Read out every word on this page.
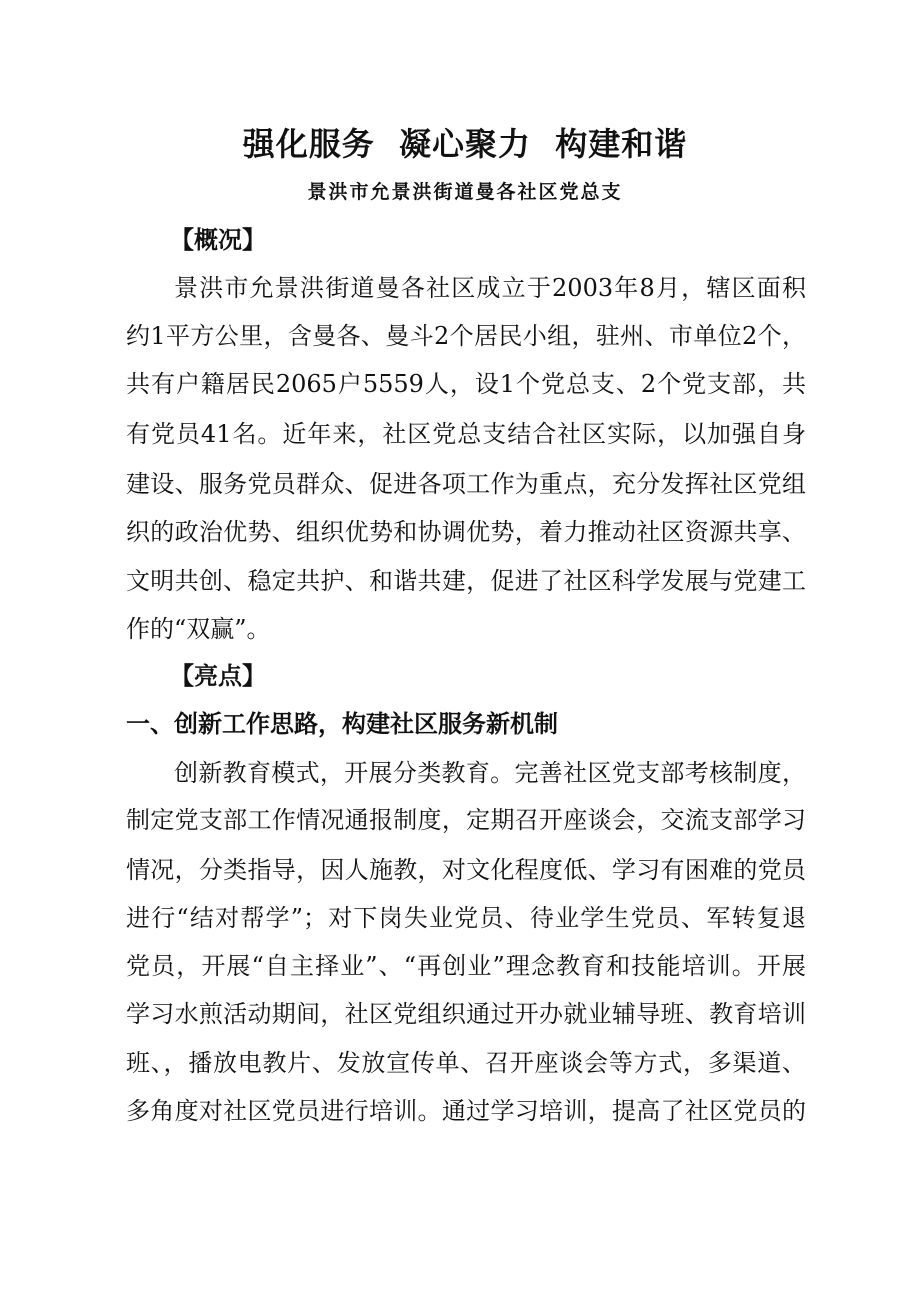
强化服务  凝心聚力  构建和谐
景洪市允景洪街道曼各社区党总支
【概况】
景洪市允景洪街道曼各社区成立于2003年8月，辖区面积
约1平方公里，含曼各、曼斗2个居民小组，驻州、市单位2个，
共有户籍居民2065户5559人，设1个党总支、2个党支部，共
有党员41名。近年来，社区党总支结合社区实际，以加强自身
建设、服务党员群众、促进各项工作为重点，充分发挥社区党组
织的政治优势、组织优势和协调优势，着力推动社区资源共享、
文明共创、稳定共护、和谐共建，促进了社区科学发展与党建工
作的“双赢”。
【亮点】
一、创新工作思路，构建社区服务新机制
创新教育模式，开展分类教育。完善社区党支部考核制度，
制定党支部工作情况通报制度，定期召开座谈会，交流支部学习
情况，分类指导，因人施教，对文化程度低、学习有困难的党员
进行“结对帮学”；对下岗失业党员、待业学生党员、军转复退
党员，开展“自主择业”、“再创业”理念教育和技能培训。开展
学习水煎活动期间，社区党组织通过开办就业辅导班、教育培训
班、，播放电教片、发放宣传单、召开座谈会等方式，多渠道、
多角度对社区党员进行培训。通过学习培训，提高了社区党员的
